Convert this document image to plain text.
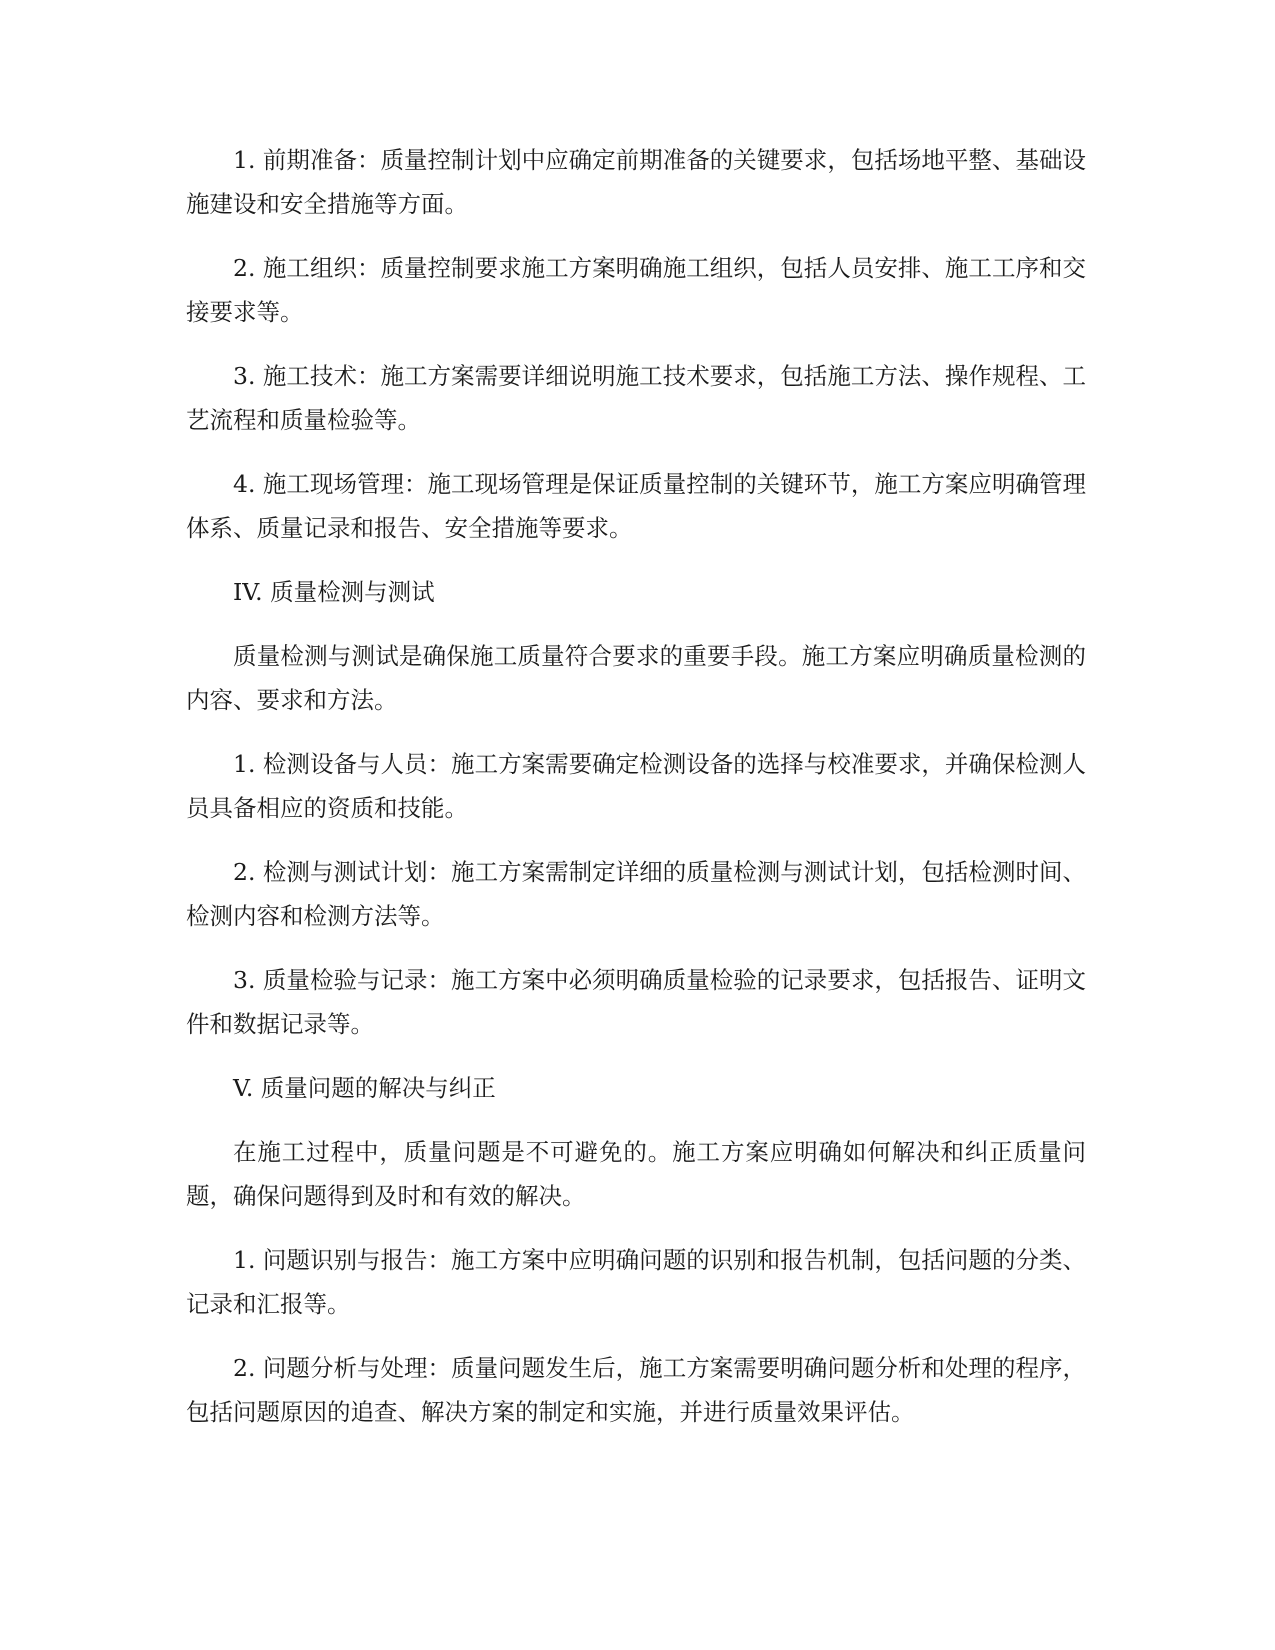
1. 前期准备：质量控制计划中应确定前期准备的关键要求，包括场地平整、基础设施建设和安全措施等方面。

2. 施工组织：质量控制要求施工方案明确施工组织，包括人员安排、施工工序和交接要求等。

3. 施工技术：施工方案需要详细说明施工技术要求，包括施工方法、操作规程、工艺流程和质量检验等。

4. 施工现场管理：施工现场管理是保证质量控制的关键环节，施工方案应明确管理体系、质量记录和报告、安全措施等要求。

IV. 质量检测与测试

质量检测与测试是确保施工质量符合要求的重要手段。施工方案应明确质量检测的内容、要求和方法。

1. 检测设备与人员：施工方案需要确定检测设备的选择与校准要求，并确保检测人员具备相应的资质和技能。

2. 检测与测试计划：施工方案需制定详细的质量检测与测试计划，包括检测时间、检测内容和检测方法等。

3. 质量检验与记录：施工方案中必须明确质量检验的记录要求，包括报告、证明文件和数据记录等。

V. 质量问题的解决与纠正

在施工过程中，质量问题是不可避免的。施工方案应明确如何解决和纠正质量问题，确保问题得到及时和有效的解决。

1. 问题识别与报告：施工方案中应明确问题的识别和报告机制，包括问题的分类、记录和汇报等。

2. 问题分析与处理：质量问题发生后，施工方案需要明确问题分析和处理的程序，包括问题原因的追查、解决方案的制定和实施，并进行质量效果评估。
